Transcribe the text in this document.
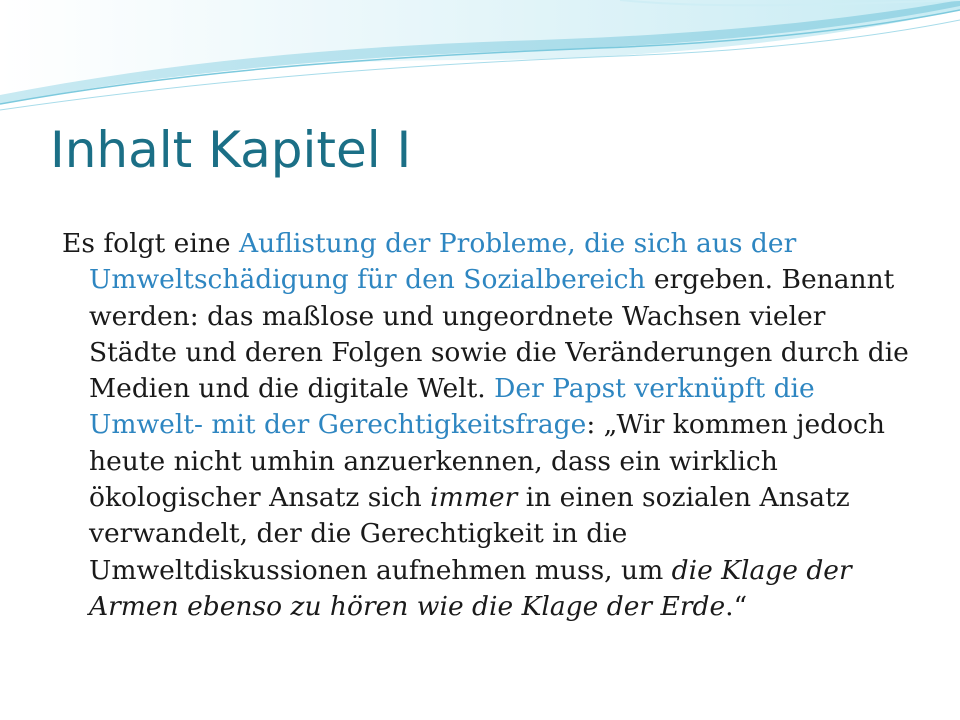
Inhalt Kapitel I

Es folgt eine Auflistung der Probleme, die sich aus der Umweltschädigung für den Sozialbereich ergeben. Benannt werden: das maßlose und ungeordnete Wachsen vieler Städte und deren Folgen sowie die Veränderungen durch die Medien und die digitale Welt. Der Papst verknüpft die Umwelt- mit der Gerechtigkeitsfrage: „Wir kommen jedoch heute nicht umhin anzuerkennen, dass ein wirklich ökologischer Ansatz sich immer in einen sozialen Ansatz verwandelt, der die Gerechtigkeit in die Umweltdiskussionen aufnehmen muss, um die Klage der Armen ebenso zu hören wie die Klage der Erde.“
